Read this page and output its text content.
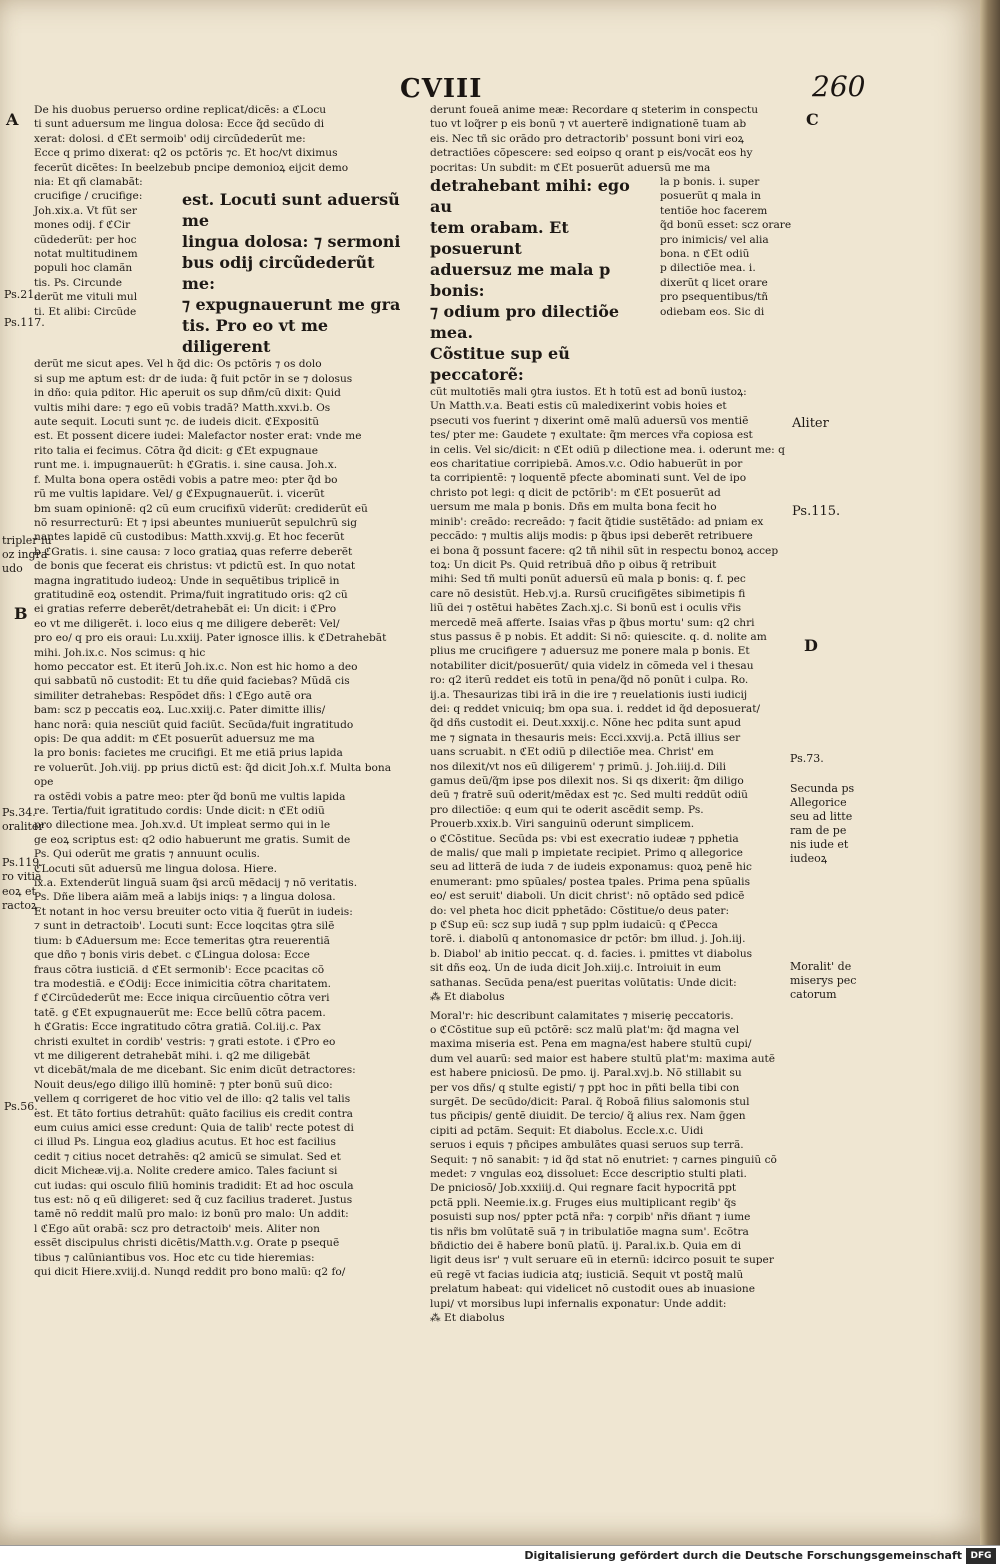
CVIII	260
A
B
Ps.21.
Ps.117.
tripler iu
oz ingra
udo
Ps.34.
oraliter
Ps.119.
ro vitia
eoꝝ et
ractoꝝ
Ps.56.
C
Aliter
Ps.115.
D
Ps.73.
Secunda ps
Allegorice
seu ad litte
ram de pe
nis iude et
iudeoꝝ
Moralit' de
miserys pec
catorum

De his duobus peruerso ordine replicat/dicẽs: a ℭLocu

ti sunt aduersum me lingua dolosa: Ecce q̃d secũdo di

xerat: dolosi. d ℭEt sermoib' odij circũdederũt me:

Ecce q primo dixerat: q2 os pctõris ⁊c. Et hoc/vt diximus

fecerũt dicẽtes: In beelzebub pncipe demonioꝝ eijcit demo

nia: Et qñ clamabãt:

crucifige / crucifige:

Joh.xix.a. Vt fũt ser

mones odij. f ℭCir

cũdederũt: per hoc

notat multitudinem

populi hoc clamãn

tis. Ps. Circunde

derũt me vituli mul

ti. Et alibi: Circũde

est. Locuti sunt aduersũ me

lingua dolosa: ⁊ sermoni

bus odij circũdederũt me:

⁊ expugnauerunt me gra

tis. Pro eo vt me diligerent

derũt me sicut apes. Vel h q̃d dic: Os pctõris ⁊ os dolo

si sup me aptum est: dr de iuda: q̃ fuit pctõr in se ⁊ dolosus

in dño: quia pditor. Hic aperuit os sup dñm/cũ dixit: Quid

vultis mihi dare: ⁊ ego eũ vobis tradã? Matth.xxvi.b. Os

aute sequit. Locuti sunt ⁊c. de iudeis dicit. ℭExpositũ

est. Et possent dicere iudei: Malefactor noster erat: vnde me

rito talia ei fecimus. Cõtra q̃d dicit: g ℭEt expugnaue

runt me. i. impugnauerũt: h ℭGratis. i. sine causa. Joh.x.

f. Multa bona opera ostẽdi vobis a patre meo: pter q̃d bo

rũ me vultis lapidare. Vel/ g ℭExpugnauerũt. i. vicerũt

bm suam opinionẽ: q2 cũ eum crucifixũ viderũt: crediderũt eũ

nõ resurrecturũ: Et ⁊ ipsi abeuntes muniuerũt sepulchrũ sig

nantes lapidẽ cũ custodibus: Matth.xxvij.g. Et hoc fecerũt

b ℭGratis. i. sine causa: ⁊ loco gratiaꝝ quas referre deberẽt

de bonis que fecerat eis christus: vt pdictũ est. In quo notat

magna ingratitudo iudeoꝝ: Unde in sequẽtibus triplicẽ in

gratitudinẽ eoꝝ ostendit. Prima/fuit ingratitudo oris: q2 cũ

ei gratias referre deberẽt/detrahebãt ei: Un dicit: i ℭPro

eo vt me diligerẽt. i. loco eius q me diligere deberẽt: Vel/

pro eo/ q pro eis oraui: Lu.xxiij. Pater ignosce illis. k ℭDetrahebãt mihi. Joh.ix.c. Nos scimus: q hic

homo peccator est. Et iterũ Joh.ix.c. Non est hic homo a deo

qui sabbatũ nõ custodit: Et tu dñe quid faciebas? Mũdã cis

similiter detrahebas: Respõdet dñs: l ℭEgo autẽ ora

bam: scz p peccatis eoꝝ. Luc.xxiij.c. Pater dimitte illis/

hanc norã: quia nesciũt quid faciũt. Secũda/fuit ingratitudo

opis: De qua addit: m ℭEt posuerũt aduersuz me ma

la pro bonis: facietes me crucifigi. Et me etiã prius lapida

re voluerũt. Joh.viij. pp prius dictũ est: q̃d dicit Joh.x.f. Multa bona ope

ra ostẽdi vobis a patre meo: pter q̃d bonũ me vultis lapida

re. Tertia/fuit igratitudo cordis: Unde dicit: n ℭEt odiũ

pro dilectione mea. Joh.xv.d. Ut impleat sermo qui in le

ge eoꝝ scriptus est: q2 odio habuerunt me gratis. Sumit de

Ps. Qui oderũt me gratis ⁊ annuunt oculis.

ℭLocuti sũt aduersũ me lingua dolosa. Hiere.

ix.a. Extenderũt linguã suam q̃si arcũ mẽdacij ⁊ nõ veritatis.

Ps. Dñe libera aiãm meã a labijs iniqs: ⁊ a lingua dolosa.

Et notant in hoc versu breuiter octo vitia q̃ fuerũt in iudeis:

⁊ sunt in detractoib'. Locuti sunt: Ecce loqcitas ꝯtra silẽ

tium: b ℭAduersum me: Ecce temeritas ꝯtra reuerentiã

que dño ⁊ bonis viris debet. c ℭLingua dolosa: Ecce

fraus cõtra iusticiã. d ℭEt sermonib': Ecce pcacitas cõ

tra modestiã. e ℭOdij: Ecce inimicitia cõtra charitatem.

f ℭCircũdederũt me: Ecce iniqua circũuentio cõtra veri

tatẽ. g ℭEt expugnauerũt me: Ecce bellũ cõtra pacem.

h ℭGratis: Ecce ingratitudo cõtra gratiã. Col.iij.c. Pax

christi exultet in cordib' vestris: ⁊ grati estote. i ℭPro eo

vt me diligerent detrahebãt mihi. i. q2 me diligebãt

vt dicebãt/mala de me dicebant. Sic enim dicũt detractores:

Nouit deus/ego diligo illũ hominẽ: ⁊ pter bonũ suũ dico:

vellem q corrigeret de hoc vitio vel de illo: q2 talis vel talis

est. Et tãto fortius detrahũt: quãto facilius eis credit contra

eum cuius amici esse credunt: Quia de talib' recte potest di

ci illud Ps. Lingua eoꝝ gladius acutus. Et hoc est facilius

cedit ⁊ citius nocet detrahẽs: q2 amicũ se simulat. Sed et

dicit Micheæ.vij.a. Nolite credere amico. Tales faciunt si

cut iudas: qui osculo filiũ hominis tradidit: Et ad hoc oscula

tus est: nõ q eũ diligeret: sed q̃ cuz facilius traderet. Justus

tamẽ nõ reddit malũ pro malo: iz bonũ pro malo: Un addit:

l ℭEgo aũt orabã: scz pro detractoib' meis. Aliter non

essẽt discipulus christi dicẽtis/Matth.v.g. Orate p psequẽ

tibus ⁊ calũniantibus vos. Hoc etc cu tide hieremias:

qui dicit Hiere.xviij.d. Nunqd reddit pro bono malũ: q2 fo/

derunt foueã anime meæ: Recordare q steterim in conspectu

tuo vt loq̃rer p eis bonũ ⁊ vt auerterẽ indignationẽ tuam ab

eis. Nec tñ sic orãdo pro detractorib' possunt boni viri eoꝝ

detractiões cõpescere: sed eoipso q orant p eis/vocãt eos hy

pocritas: Un subdit: m ℭEt posuerũt aduersũ me ma

detrahebant mihi: ego au

tem orabam. Et posuerunt

aduersuz me mala p bonis:

⁊ odium pro dilectiõe mea.

Cõstitue sup eũ peccatorẽ:

la p bonis. i. super

posuerũt q mala in

tentiõe hoc facerem

q̃d bonũ esset: scz orare

pro inimicis/ vel alia

bona. n ℭEt odiũ

p dilectiõe mea. i.

dixerũt q licet orare

pro psequentibus/tñ

odiebam eos. Sic di

cũt multotiẽs mali ꝯtra iustos. Et h totũ est ad bonũ iustoꝝ:

Un Matth.v.a. Beati estis cũ maledixerint vobis hoies et

psecuti vos fuerint ⁊ dixerint omẽ malũ aduersũ vos mentiẽ

tes/ pter me: Gaudete ⁊ exultate: q̃m merces vr̃a copiosa est

in celis. Vel sic/dicit: n ℭEt odiũ p dilectione mea. i. oderunt me: q

eos charitatiue corripiebã. Amos.v.c. Odio habuerũt in por

ta corripientẽ: ⁊ loquentẽ pfecte abominati sunt. Vel de ipo

christo pot legi: q dicit de pctõrib': m ℭEt posuerũt ad

uersum me mala p bonis. Dñs em multa bona fecit ho

minib': creãdo: recreãdo: ⁊ facit q̃tidie sustẽtãdo: ad pniam ex

peccãdo: ⁊ multis alijs modis: p q̃bus ipsi deberẽt retribuere

ei bona q̃ possunt facere: q2 tñ nihil sũt in respectu bonoꝝ accep

toꝝ: Un dicit Ps. Quid retribuã dño p oibus q̃ retribuit

mihi: Sed tñ multi ponũt aduersũ eũ mala p bonis: q. f. pec

care nõ desistũt. Heb.vj.a. Rursũ crucifigẽtes sibimetipis fi

liũ dei ⁊ ostẽtui habẽtes Zach.xj.c. Si bonũ est i oculis vr̃is

mercedẽ meã afferte. Isaias vr̃as p q̃bus mortu' sum: q2 chri

stus passus ē p nobis. Et addit: Si nõ: quiescite. q. d. nolite am

plius me crucifigere ⁊ aduersuz me ponere mala p bonis. Et

notabiliter dicit/posuerũt/ quia videlz in cõmeda vel i thesau

ro: q2 iterũ reddet eis totũ in pena/q̃d nõ ponũt i culpa. Ro.

ij.a. Thesaurizas tibi irã in die ire ⁊ reuelationis iusti iudicij

dei: q reddet vnicuiq; bm opa sua. i. reddet id q̃d deposuerat/

q̃d dñs custodit ei. Deut.xxxij.c. Nõne hec pdita sunt apud

me ⁊ signata in thesauris meis: Ecci.xxvij.a. Pctã illius ser

uans scruabit. n ℭEt odiũ p dilectiõe mea. Christ' em

nos dilexit/vt nos eũ diligerem' ⁊ primũ. j. Joh.iiij.d. Dili

gamus deũ/q̃m ipse pos dilexit nos. Si qs dixerit: q̃m diligo

deũ ⁊ fratrẽ suũ oderit/mẽdax est ⁊c. Sed multi reddũt odiũ

pro dilectiõe: q eum qui te oderit ascẽdit semp. Ps.

Prouerb.xxix.b. Viri sanguinũ oderunt simplicem.

o ℭCõstitue. Secũda ps: vbi est execratio iudeæ ⁊ pphetia

de malis/ que mali p impietate recipiet. Primo q allegorice

seu ad litterã de iuda ⁊ de iudeis exponamus: quoꝝ penẽ hic

enumerant: pmo spũales/ postea tpales. Prima pena spũalis

eo/ est seruit' diaboli. Un dicit christ': nõ optãdo sed pdicẽ

do: vel pheta hoc dicit pphetãdo: Cõstitue/o deus pater:

p ℭSup eũ: scz sup iudã ⁊ sup pplm iudaicũ: q ℭPecca

torẽ. i. diabolũ q antonomasice dr pctõr: bm illud. j. Joh.iij.

b. Diabol' ab initio peccat. q. d. facies. i. pmittes vt diabolus

sit dñs eoꝝ. Un de iuda dicit Joh.xiij.c. Introiuit in eum

sathanas. Secũda pena/est pueritas volũtatis: Unde dicit:

⁂ Et diabolus

Moral'r: hic describunt calamitates ⁊ miserię peccatoris.

o ℭCõstitue sup eũ pctõrẽ: scz malũ plat'm: q̃d magna vel

maxima miseria est. Pena em magna/est habere stultũ cupi/

dum vel auarũ: sed maior est habere stultũ plat'm: maxima autẽ

est habere pniciosũ. De pmo. ij. Paral.xvj.b. Nõ stillabit su

per vos dñs/ q stulte egisti/ ⁊ ppt hoc in pñti bella tibi con

surgẽt. De secũdo/dicit: Paral. q̃ Roboã filius salomonis stul

tus pñcipis/ gentẽ diuidit. De tercio/ q̃ alius rex. Nam ḡgen

cipiti ad pctãm. Sequit: Et diabolus. Eccle.x.c. Uidi

seruos i equis ⁊ pñcipes ambulãtes quasi seruos sup terrã.

Sequit: ⁊ nõ sanabit: ⁊ id q̃d stat nõ enutriet: ⁊ carnes pinguiũ cõ

medet: ⁊ vngulas eoꝝ dissoluet: Ecce descriptio stulti plati.

De pniciosõ/ Job.xxxiiij.d. Qui regnare facit hypocritã ppt

pctã ppli. Neemie.ix.g. Fruges eius multiplicant regib' q̃s

posuisti sup nos/ ppter pctã nr̃a: ⁊ corpib' nr̃is dñant ⁊ iume

tis nr̃is bm volũtatẽ suã ⁊ in tribulatiõe magna sum'. Ecõtra

bñdictio dei ē habere bonũ platũ. ij. Paral.ix.b. Quia em di

ligit deus isr' ⁊ vult seruare eũ in eternũ: idcirco posuit te super

eũ regẽ vt facias iudicia atq; iusticiã. Sequit vt postq̃ malũ

prelatum habeat: qui videlicet nõ custodit oues ab inuasione

lupi/ vt morsibus lupi infernalis exponatur: Unde addit:

⁂ Et diabolus

Digitalisierung gefördert durch die Deutsche Forschungsgemeinschaft DFG
